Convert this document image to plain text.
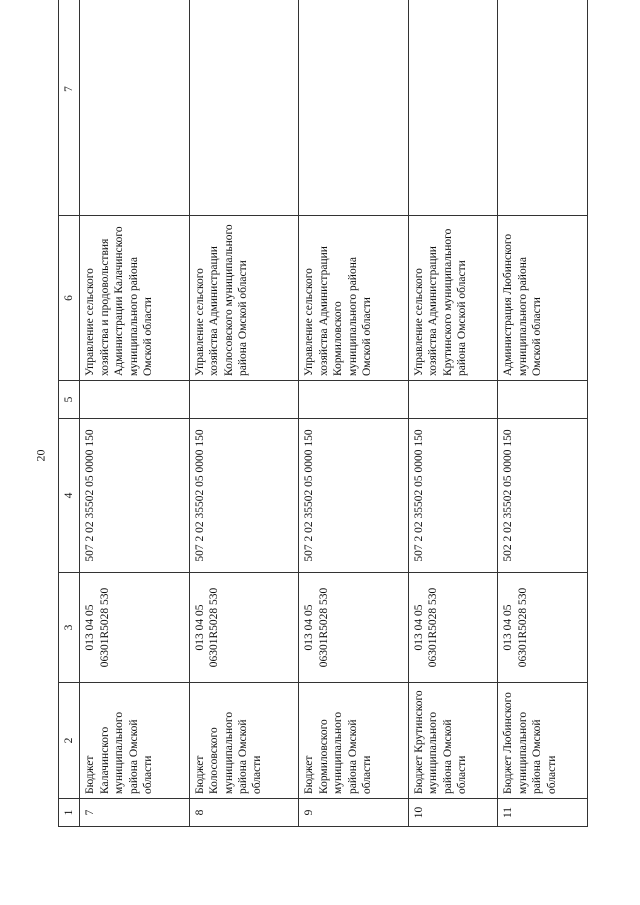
20
1	2	3	4	5	6	7
7	Бюджет Калачинского муниципального района Омской области	013 04 05 06301R5028 530	507 2 02 35502 05 0000 150		Управление сельского хозяйства и продовольствия Администрации Калачинского муниципального района Омской области	
8	Бюджет Колосовского муниципального района Омской области	013 04 05 06301R5028 530	507 2 02 35502 05 0000 150		Управление сельского хозяйства Администрации Колосовского муниципального района Омской области	
9	Бюджет Кормиловского муниципального района Омской области	013 04 05 06301R5028 530	507 2 02 35502 05 0000 150		Управление сельского хозяйства Администрации Кормиловского муниципального района Омской области	
10	Бюджет Крутинского муниципального района Омской области	013 04 05 06301R5028 530	507 2 02 35502 05 0000 150		Управление сельского хозяйства Администрации Крутинского муниципального района Омской области	
11	Бюджет Любинского муниципального района Омской области	013 04 05 06301R5028 530	502 2 02 35502 05 0000 150		Администрация Любинского муниципального района Омской области	
